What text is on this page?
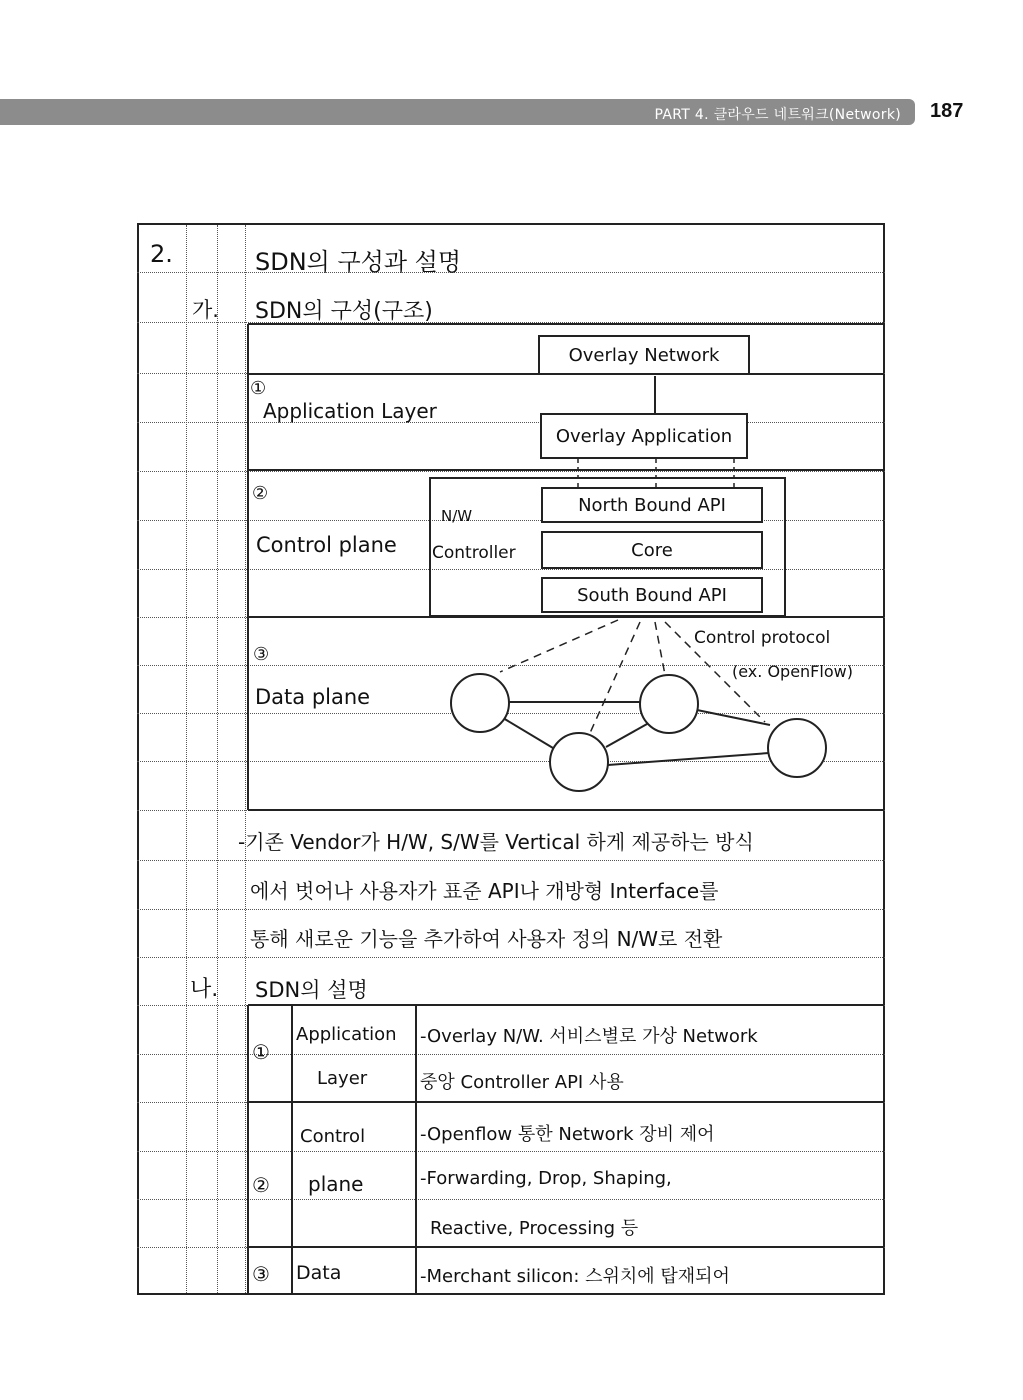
PART 4. 클라우드 네트워크(Network) 187
2.	SDN의 구성과 설명
가. SDN의 구성(구조)
Overlay Network
Overlay Application
North Bound API
Core
South Bound API
①
Application Layer
②
Control plane
N/W
Controller
Control protocol
(ex. OpenFlow)
③
Data plane
-기존 Vendor가 H/W, S/W를 Vertical 하게 제공하는 방식
에서 벗어나 사용자가 표준 API나 개방형 Interface를
통해 새로운 기능을 추가하여 사용자 정의 N/W로 전환
나. SDN의 설명
①
Application
Layer
-Overlay N/W. 서비스별로 가상 Network
중앙 Controller API 사용
②
Control
plane
-Openflow 통한 Network 장비 제어
-Forwarding, Drop, Shaping,
Reactive, Processing 등
③ Data	-Merchant silicon: 스위치에 탑재되어
